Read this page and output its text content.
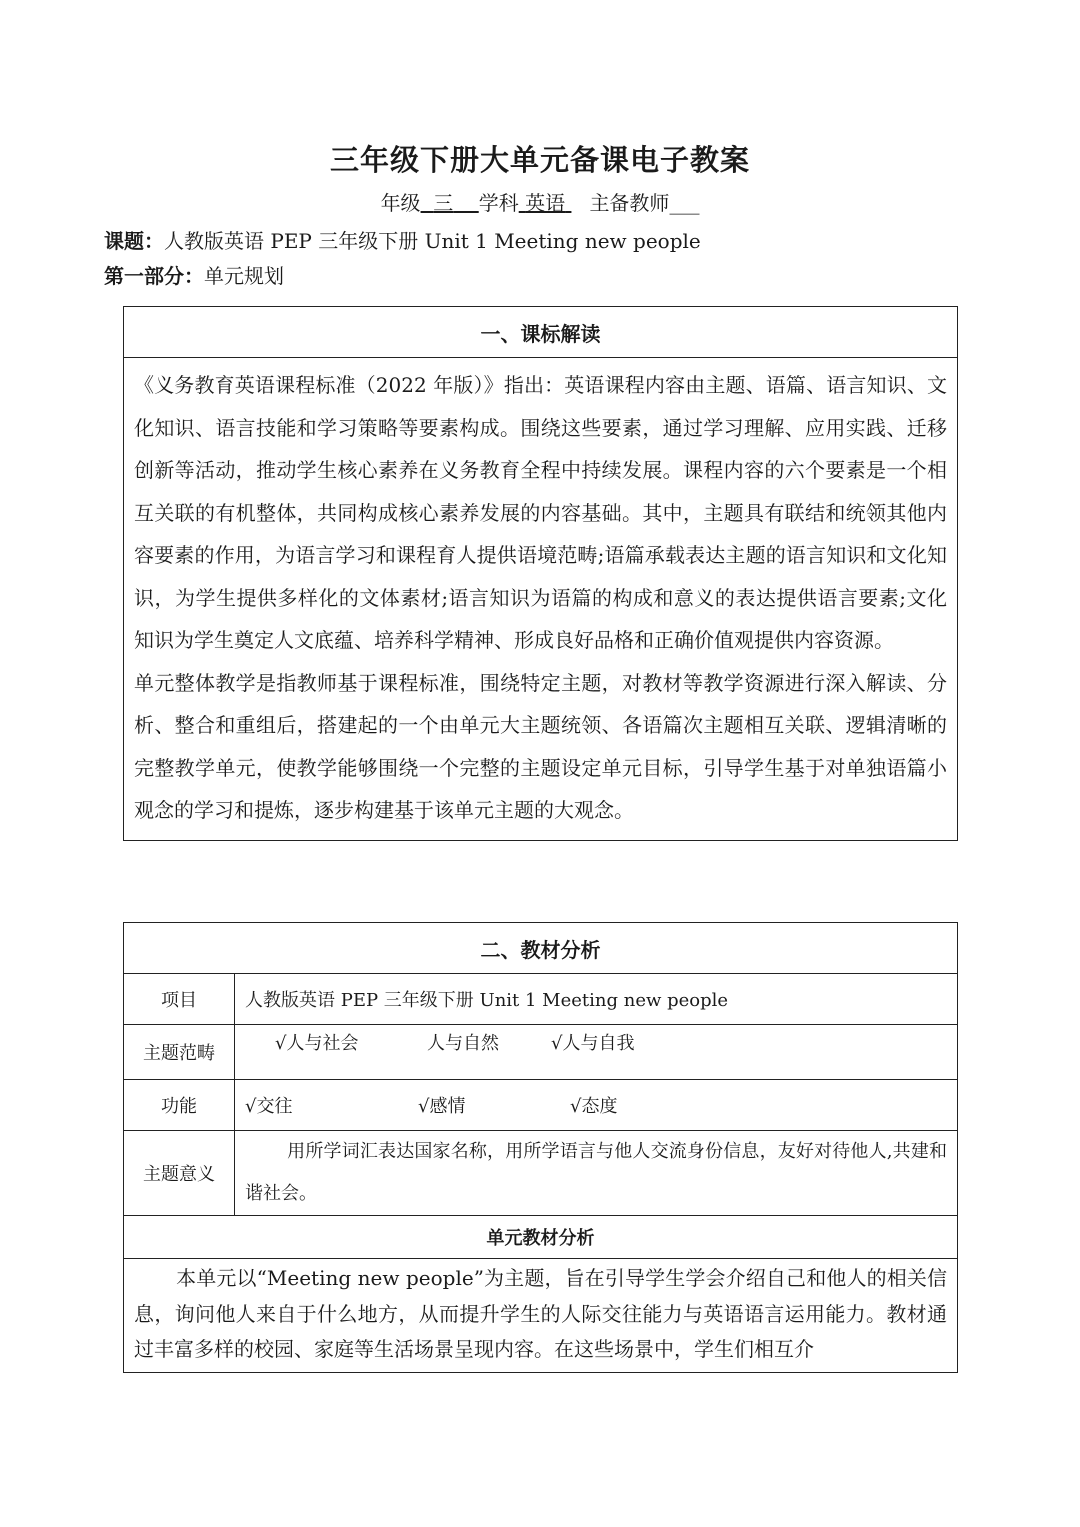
三年级下册大单元备课电子教案
年级 三 学科 英语 主备教师___
课题：人教版英语 PEP 三年级下册 Unit 1 Meeting new people
第一部分：单元规划
一、课标解读

《义务教育英语课程标准（2022 年版）》指出：英语课程内容由主题、语篇、语言知识、文化知识、语言技能和学习策略等要素构成。围绕这些要素，通过学习理解、应用实践、迁移创新等活动，推动学生核心素养在义务教育全程中持续发展。课程内容的六个要素是一个相互关联的有机整体，共同构成核心素养发展的内容基础。其中，主题具有联结和统领其他内容要素的作用，为语言学习和课程育人提供语境范畴;语篇承载表达主题的语言知识和文化知识，为学生提供多样化的文体素材;语言知识为语篇的构成和意义的表达提供语言要素;文化知识为学生奠定人文底蕴、培养科学精神、形成良好品格和正确价值观提供内容资源。

单元整体教学是指教师基于课程标准，围绕特定主题，对教材等教学资源进行深入解读、分析、整合和重组后，搭建起的一个由单元大主题统领、各语篇次主题相互关联、逻辑清晰的完整教学单元，使教学能够围绕一个完整的主题设定单元目标，引导学生基于对单独语篇小观念的学习和提炼，逐步构建基于该单元主题的大观念。

二、教材分析	
项目	人教版英语 PEP 三年级下册 Unit 1 Meeting new people
主题范畴	√人与社会 人与自然 √人与自我
功能	√交往 √感情 √态度
主题意义	用所学词汇表达国家名称，用所学语言与他人交流身份信息，友好对待他人,共建和谐社会。
单元教材分析	
本单元以“Meeting new people”为主题，旨在引导学生学会介绍自己和他人的相关信息，询问他人来自于什么地方，从而提升学生的人际交往能力与英语语言运用能力。教材通过丰富多样的校园、家庭等生活场景呈现内容。在这些场景中，学生们相互介	
